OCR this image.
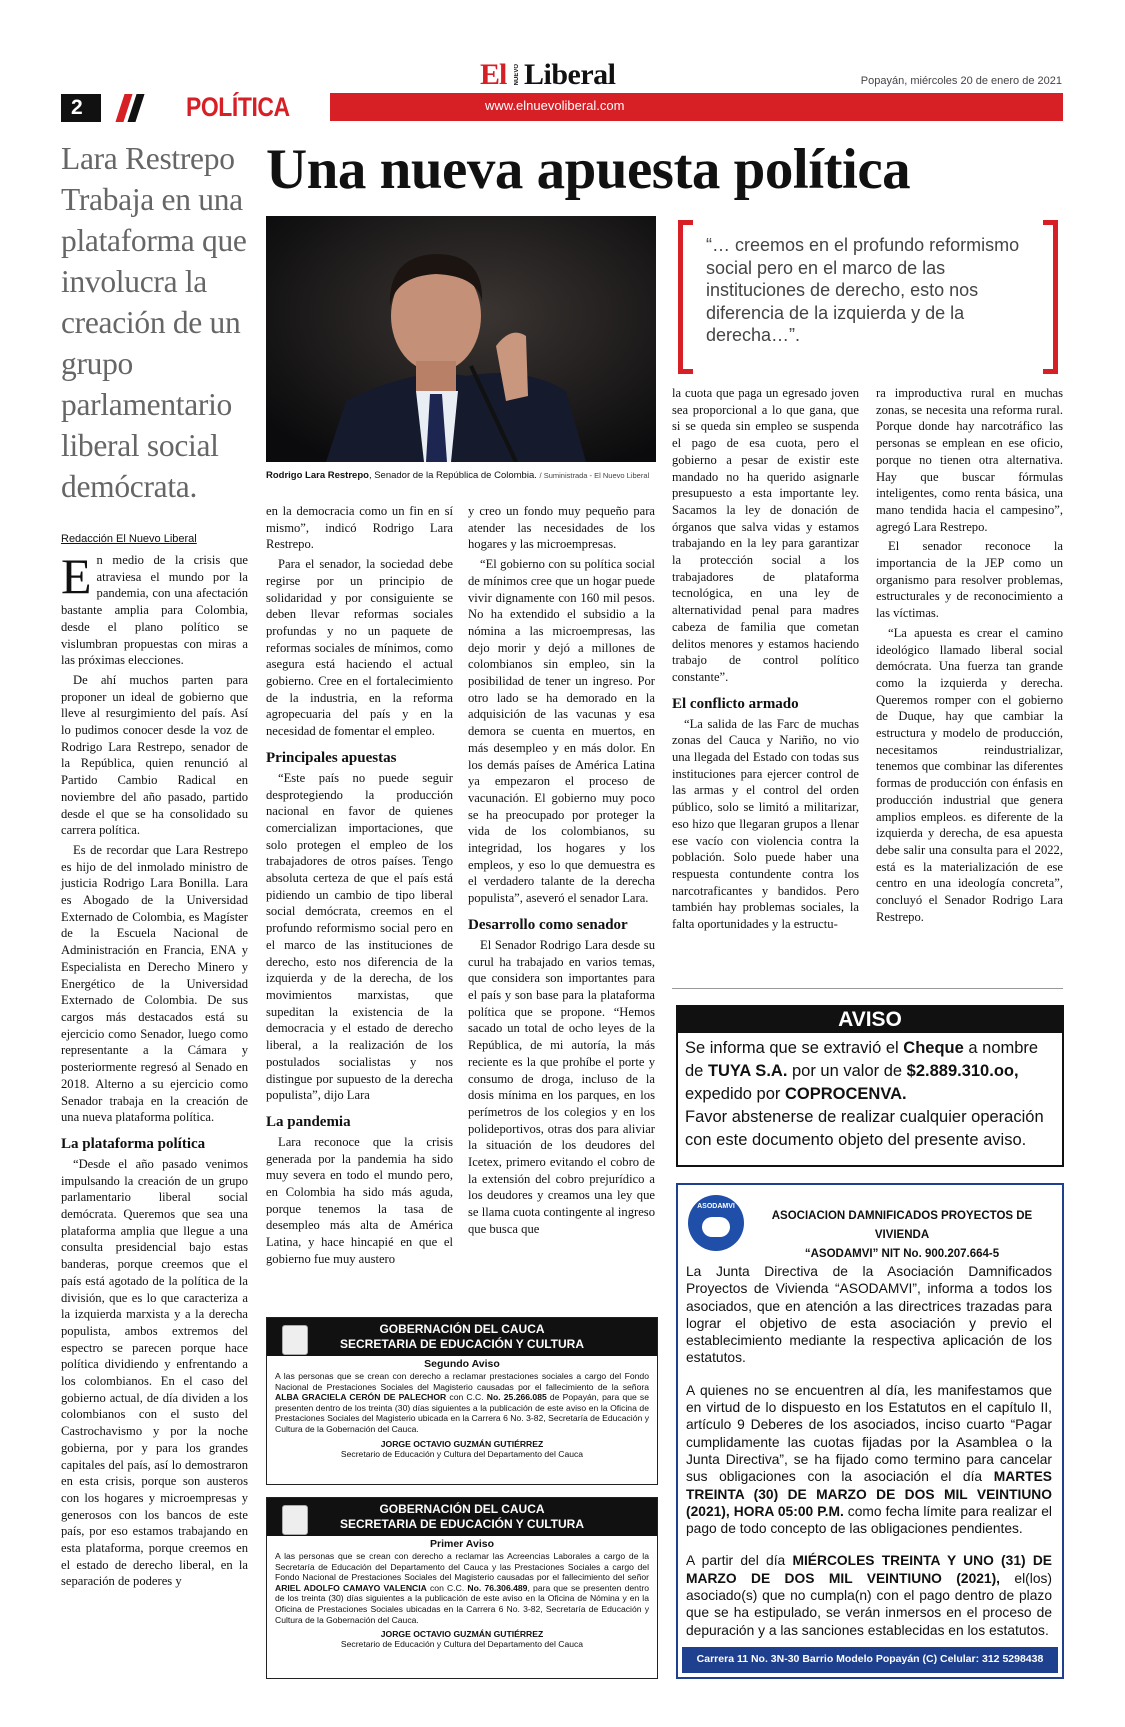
El NUEVO Liberal	Popayán, miércoles 20 de enero de 2021
2	POLÍTICA	www.elnuevoliberal.com
Lara Restrepo Trabaja en una plataforma que involucra la creación de un grupo parlamentario liberal social demócrata.
Una nueva apuesta política
Rodrigo Lara Restrepo, Senador de la República de Colombia. / Suministrada - El Nuevo Liberal
“… creemos en el profundo reformismo social pero en el marco de las instituciones de derecho, esto nos diferencia de la izquierda y de la derecha…”.
Redacción El Nuevo Liberal

En medio de la crisis que atraviesa el mundo por la pandemia, con una afectación bastante amplia para Colombia, desde el plano político se vislumbran propuestas con miras a las próximas elecciones.

De ahí muchos parten para proponer un ideal de gobierno que lleve al resurgimiento del país. Así lo pudimos conocer desde la voz de Rodrigo Lara Restrepo, senador de la República, quien renunció al Partido Cambio Radical en noviembre del año pasado, partido desde el que se ha consolidado su carrera política.

Es de recordar que Lara Restrepo es hijo de del inmolado ministro de justicia Rodrigo Lara Bonilla. Lara es Abogado de la Universidad Externado de Colombia, es Magíster de la Escuela Nacional de Administración en Francia, ENA y Especialista en Derecho Minero y Energético de la Universidad Externado de Colombia. De sus cargos más destacados está su ejercicio como Senador, luego como representante a la Cámara y posteriormente regresó al Senado en 2018. Alterno a su ejercicio como Senador trabaja en la creación de una nueva plataforma política.

La plataforma política

“Desde el año pasado venimos impulsando la creación de un grupo parlamentario liberal social demócrata. Queremos que sea una plataforma amplia que llegue a una consulta presidencial bajo estas banderas, porque creemos que el país está agotado de la política de la división, que es lo que caracteriza a la izquierda marxista y a la derecha populista, ambos extremos del espectro se parecen porque hace política dividiendo y enfrentando a los colombianos. En el caso del gobierno actual, de día dividen a los colombianos con el susto del Castrochavismo y por la noche gobierna, por y para los grandes capitales del país, así lo demostraron en esta crisis, porque son austeros con los hogares y microempresas y generosos con los bancos de este país, por eso estamos trabajando en esta plataforma, porque creemos en el estado de derecho liberal, en la separación de poderes y

en la democracia como un fin en sí mismo”, indicó Rodrigo Lara Restrepo.

Para el senador, la sociedad debe regirse por un principio de solidaridad y por consiguiente se deben llevar reformas sociales profundas y no un paquete de reformas sociales de mínimos, como asegura está haciendo el actual gobierno. Cree en el fortalecimiento de la industria, en la reforma agropecuaria del país y en la necesidad de fomentar el empleo.

Principales apuestas

“Este país no puede seguir desprotegiendo la producción nacional en favor de quienes comercializan importaciones, que solo protegen el empleo de los trabajadores de otros países. Tengo absoluta certeza de que el país está pidiendo un cambio de tipo liberal social demócrata, creemos en el profundo reformismo social pero en el marco de las instituciones de derecho, esto nos diferencia de la izquierda y de la derecha, de los movimientos marxistas, que supeditan la existencia de la democracia y el estado de derecho liberal, a la realización de los postulados socialistas y nos distingue por supuesto de la derecha populista”, dijo Lara

La pandemia

Lara reconoce que la crisis generada por la pandemia ha sido muy severa en todo el mundo pero, en Colombia ha sido más aguda, porque tenemos la tasa de desempleo más alta de América Latina, y hace hincapié en que el gobierno fue muy austero

y creo un fondo muy pequeño para atender las necesidades de los hogares y las microempresas.

“El gobierno con su política social de mínimos cree que un hogar puede vivir dignamente con 160 mil pesos. No ha extendido el subsidio a la nómina a las microempresas, las dejo morir y dejó a millones de colombianos sin empleo, sin la posibilidad de tener un ingreso. Por otro lado se ha demorado en la adquisición de las vacunas y esa demora se cuenta en muertos, en más desempleo y en más dolor. En los demás países de América Latina ya empezaron el proceso de vacunación. El gobierno muy poco se ha preocupado por proteger la vida de los colombianos, su integridad, los hogares y los empleos, y eso lo que demuestra es el verdadero talante de la derecha populista”, aseveró el senador Lara.

Desarrollo como senador

El Senador Rodrigo Lara desde su curul ha trabajado en varios temas, que considera son importantes para el país y son base para la plataforma política que se propone. “Hemos sacado un total de ocho leyes de la República, de mi autoría, la más reciente es la que prohíbe el porte y consumo de droga, incluso de la dosis mínima en los parques, en los perímetros de los colegios y en los polideportivos, otras dos para aliviar la situación de los deudores del Icetex, primero evitando el cobro de la extensión del cobro prejurídico a los deudores y creamos una ley que se llama cuota contingente al ingreso que busca que

la cuota que paga un egresado joven sea proporcional a lo que gana, que si se queda sin empleo se suspenda el pago de esa cuota, pero el gobierno a pesar de existir este mandado no ha querido asignarle presupuesto a esta importante ley. Sacamos la ley de donación de órganos que salva vidas y estamos trabajando en la ley para garantizar la protección social a los trabajadores de plataforma tecnológica, en una ley de alternatividad penal para madres cabeza de familia que cometan delitos menores y estamos haciendo trabajo de control político constante”.

El conflicto armado

“La salida de las Farc de muchas zonas del Cauca y Nariño, no vio una llegada del Estado con todas sus instituciones para ejercer control de las armas y el control del orden público, solo se limitó a militarizar, eso hizo que llegaran grupos a llenar ese vacío con violencia contra la población. Solo puede haber una respuesta contundente contra los narcotraficantes y bandidos. Pero también hay problemas sociales, la falta oportunidades y la estructu-

ra improductiva rural en muchas zonas, se necesita una reforma rural. Porque donde hay narcotráfico las personas se emplean en ese oficio, porque no tienen otra alternativa. Hay que buscar fórmulas inteligentes, como renta básica, una mano tendida hacia el campesino”, agregó Lara Restrepo.

El senador reconoce la importancia de la JEP como un organismo para resolver problemas, estructurales y de reconocimiento a las víctimas.

“La apuesta es crear el camino ideológico llamado liberal social demócrata. Una fuerza tan grande como la izquierda y derecha. Queremos romper con el gobierno de Duque, hay que cambiar la estructura y modelo de producción, necesitamos reindustrializar, tenemos que combinar las diferentes formas de producción con énfasis en producción industrial que genera amplios empleos. es diferente de la izquierda y derecha, de esa apuesta debe salir una consulta para el 2022, está es la materialización de ese centro en una ideología concreta”, concluyó el Senador Rodrigo Lara Restrepo.

AVISO
Se informa que se extravió el Cheque a nombre de TUYA S.A. por un valor de $2.889.310.oo, expedido por COPROCENVA.
Favor abstenerse de realizar cualquier operación con este documento objeto del presente aviso.
GOBERNACIÓN DEL CAUCA
SECRETARIA DE EDUCACIÓN Y CULTURA
Segundo Aviso
A las personas que se crean con derecho a reclamar prestaciones sociales a cargo del Fondo Nacional de Prestaciones Sociales del Magisterio causadas por el fallecimiento de la señora ALBA GRACIELA CERÓN DE PALECHOR con C.C. No. 25.266.085 de Popayán, para que se presenten dentro de los treinta (30) días siguientes a la publicación de este aviso en la Oficina de Prestaciones Sociales del Magisterio ubicada en la Carrera 6 No. 3-82, Secretaría de Educación y Cultura de la Gobernación del Cauca.
JORGE OCTAVIO GUZMÁN GUTIÉRREZ
Secretario de Educación y Cultura del Departamento del Cauca
GOBERNACIÓN DEL CAUCA
SECRETARIA DE EDUCACIÓN Y CULTURA
Primer Aviso
A las personas que se crean con derecho a reclamar las Acreencias Laborales a cargo de la Secretaría de Educación del Departamento del Cauca y las Prestaciones Sociales a cargo del Fondo Nacional de Prestaciones Sociales del Magisterio causadas por el fallecimiento del señor ARIEL ADOLFO CAMAYO VALENCIA con C.C. No. 76.306.489, para que se presenten dentro de los treinta (30) días siguientes a la publicación de este aviso en la Oficina de Nómina y en la Oficina de Prestaciones Sociales ubicadas en la Carrera 6 No. 3-82, Secretaría de Educación y Cultura de la Gobernación del Cauca.
JORGE OCTAVIO GUZMÁN GUTIÉRREZ
Secretario de Educación y Cultura del Departamento del Cauca
ASODAMVI
ASOCIACION DAMNIFICADOS PROYECTOS DE VIVIENDA
“ASODAMVI” NIT No. 900.207.664-5

La Junta Directiva de la Asociación Damnificados Proyectos de Vivienda “ASODAMVI”, informa a todos los asociados, que en atención a las directrices trazadas para lograr el objetivo de esta asociación y previo el establecimiento mediante la respectiva aplicación de los estatutos.

A quienes no se encuentren al día, les manifestamos que en virtud de lo dispuesto en los Estatutos en el capítulo II, artículo 9 Deberes de los asociados, inciso cuarto “Pagar cumplidamente las cuotas fijadas por la Asamblea o la Junta Directiva”, se ha fijado como termino para cancelar sus obligaciones con la asociación el día MARTES TREINTA (30) DE MARZO DE DOS MIL VEINTIUNO (2021), HORA 05:00 P.M. como fecha límite para realizar el pago de todo concepto de las obligaciones pendientes.

A partir del día MIÉRCOLES TREINTA Y UNO (31) DE MARZO DE DOS MIL VEINTIUNO (2021), el(los) asociado(s) que no cumpla(n) con el pago dentro de plazo que se ha estipulado, se verán inmersos en el proceso de depuración y a las sanciones establecidas en los estatutos.

Carrera 11 No. 3N-30 Barrio Modelo Popayán (C) Celular: 312 5298438
